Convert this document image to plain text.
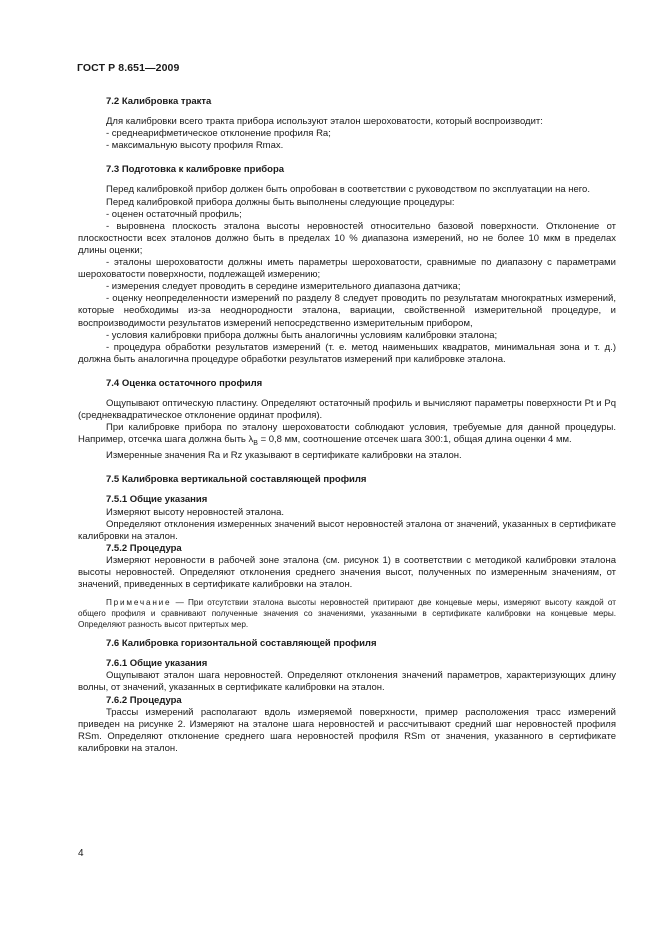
ГОСТ Р 8.651—2009
7.2 Калибровка тракта

Для калибровки всего тракта прибора используют эталон шероховатости, который воспроизводит:

- среднеарифметическое отклонение профиля Ra;

- максимальную высоту профиля Rmax.

7.3 Подготовка к калибровке прибора

Перед калибровкой прибор должен быть опробован в соответствии с руководством по эксплуатации на него.

Перед калибровкой прибора должны быть выполнены следующие процедуры:

- оценен остаточный профиль;

- выровнена плоскость эталона высоты неровностей относительно базовой поверхности. Отклонение от плоскостности всех эталонов должно быть в пределах 10 % диапазона измерений, но не более 10 мкм в пределах длины оценки;

- эталоны шероховатости должны иметь параметры шероховатости, сравнимые по диапазону с параметрами шероховатости поверхности, подлежащей измерению;

- измерения следует проводить в середине измерительного диапазона датчика;

- оценку неопределенности измерений по разделу 8 следует проводить по результатам многократных измерений, которые необходимы из-за неоднородности эталона, вариации, свойственной измерительной процедуре, и воспроизводимости результатов измерений непосредственно измерительным прибором,

- условия калибровки прибора должны быть аналогичны условиям калибровки эталона;

- процедура обработки результатов измерений (т. е. метод наименьших квадратов, минимальная зона и т. д.) должна быть аналогична процедуре обработки результатов измерений при калибровке эталона.

7.4 Оценка остаточного профиля

Ощупывают оптическую пластину. Определяют остаточный профиль и вычисляют параметры поверхности Pt и Pq (среднеквадратическое отклонение ординат профиля).

При калибровке прибора по эталону шероховатости соблюдают условия, требуемые для данной процедуры. Например, отсечка шага должна быть $\lambda_B = 0,8$ мм, соотношение отсечек шага 300:1, общая длина оценки 4 мм.

Измеренные значения Ra и Rz указывают в сертификате калибровки на эталон.

7.5 Калибровка вертикальной составляющей профиля
7.5.1 Общие указания

Измеряют высоту неровностей эталона.

Определяют отклонения измеренных значений высот неровностей эталона от значений, указанных в сертификате калибровки на эталон.

7.5.2 Процедура

Измеряют неровности в рабочей зоне эталона (см. рисунок 1) в соответствии с методикой калибровки эталона высоты неровностей. Определяют отклонения среднего значения высот, полученных по измеренным значениям, от значений, приведенных в сертификате калибровки на эталон.

Примечание — При отсутствии эталона высоты неровностей притирают две концевые меры, измеряют высоту каждой от общего профиля и сравнивают полученные значения со значениями, указанными в сертификате калибровки на концевые меры. Определяют разность высот притертых мер.

7.6 Калибровка горизонтальной составляющей профиля
7.6.1 Общие указания

Ощупывают эталон шага неровностей. Определяют отклонения значений параметров, характеризующих длину волны, от значений, указанных в сертификате калибровки на эталон.

7.6.2 Процедура

Трассы измерений располагают вдоль измеряемой поверхности, пример расположения трасс измерений приведен на рисунке 2. Измеряют на эталоне шага неровностей и рассчитывают средний шаг неровностей профиля RSm. Определяют отклонение среднего шага неровностей профиля RSm от значения, указанного в сертификате калибровки на эталон.

4
